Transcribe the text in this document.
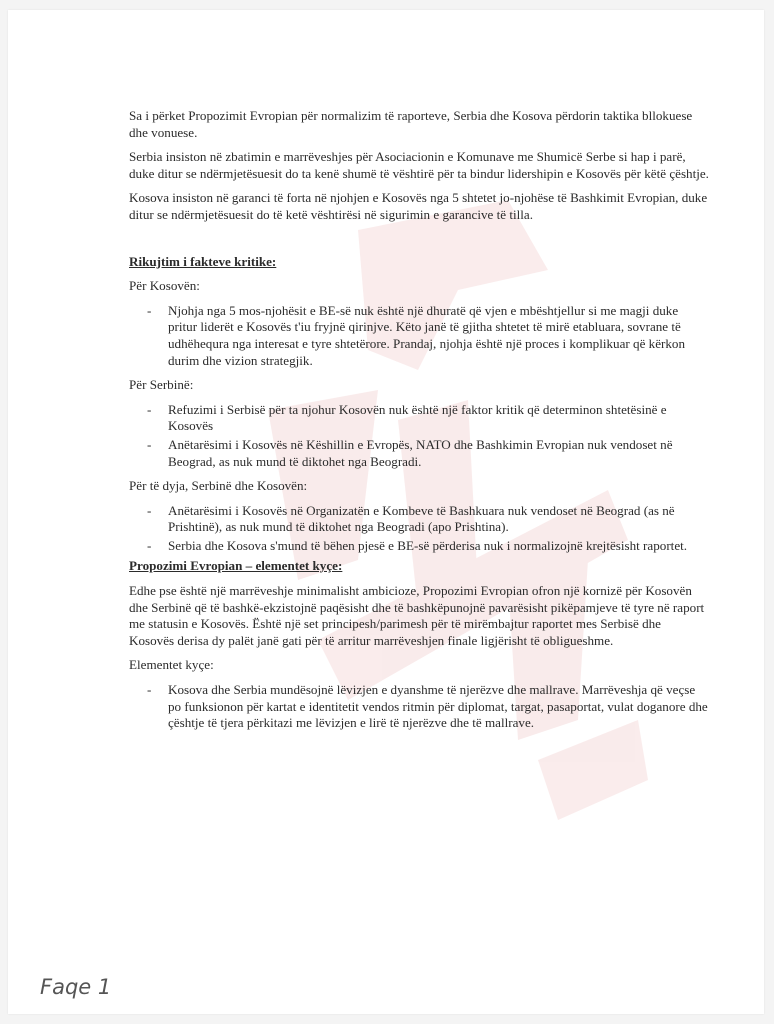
Sa i përket Propozimit Evropian për normalizim të raporteve, Serbia dhe Kosova përdorin taktika bllokuese dhe vonuese.

Serbia insiston në zbatimin e marrëveshjes për Asociacionin e Komunave me Shumicë Serbe si hap i parë, duke ditur se ndërmjetësuesit do ta kenë shumë të vështirë për ta bindur lidershipin e Kosovës për këtë çështje.

Kosova insiston në garanci të forta në njohjen e Kosovës nga 5 shtetet jo-njohëse të Bashkimit Evropian, duke ditur se ndërmjetësuesit do të ketë vështirësi në sigurimin e garancive të tilla.

Rikujtim i fakteve kritike:
Për Kosovën:
- Njohja nga 5 mos-njohësit e BE-së nuk është një dhuratë që vjen e mbështjellur si me magji duke pritur liderët e Kosovës t'iu fryjnë qirinjve. Këto janë të gjitha shtetet të mirë etabluara, sovrane të udhëhequra nga interesat e tyre shtetërore. Prandaj, njohja është një proces i komplikuar që kërkon durim dhe vizion strategjik.
Për Serbinë:
- Refuzimi i Serbisë për ta njohur Kosovën nuk është një faktor kritik që determinon shtetësinë e Kosovës
- Anëtarësimi i Kosovës në Këshillin e Evropës, NATO dhe Bashkimin Evropian nuk vendoset në Beograd, as nuk mund të diktohet nga Beogradi.
Për të dyja, Serbinë dhe Kosovën:
- Anëtarësimi i Kosovës në Organizatën e Kombeve të Bashkuara nuk vendoset në Beograd (as në Prishtinë), as nuk mund të diktohet nga Beogradi (apo Prishtina).
- Serbia dhe Kosova s'mund të bëhen pjesë e BE-së përderisa nuk i normalizojnë krejtësisht raportet.
Propozimi Evropian – elementet kyçe:

Edhe pse është një marrëveshje minimalisht ambicioze, Propozimi Evropian ofron një kornizë për Kosovën dhe Serbinë që të bashkë-ekzistojnë paqësisht dhe të bashkëpunojnë pavarësisht pikëpamjeve të tyre në raport me statusin e Kosovës. Është një set principesh/parimesh për të mirëmbajtur raportet mes Serbisë dhe Kosovës derisa dy palët janë gati për të arritur marrëveshjen finale ligjërisht të obligueshme.

Elementet kyçe:
- Kosova dhe Serbia mundësojnë lëvizjen e dyanshme të njerëzve dhe mallrave. Marrëveshja që veçse po funksionon për kartat e identitetit vendos ritmin për diplomat, targat, pasaportat, vulat doganore dhe çështje të tjera përkitazi me lëvizjen e lirë të njerëzve dhe të mallrave.
Faqe 1
